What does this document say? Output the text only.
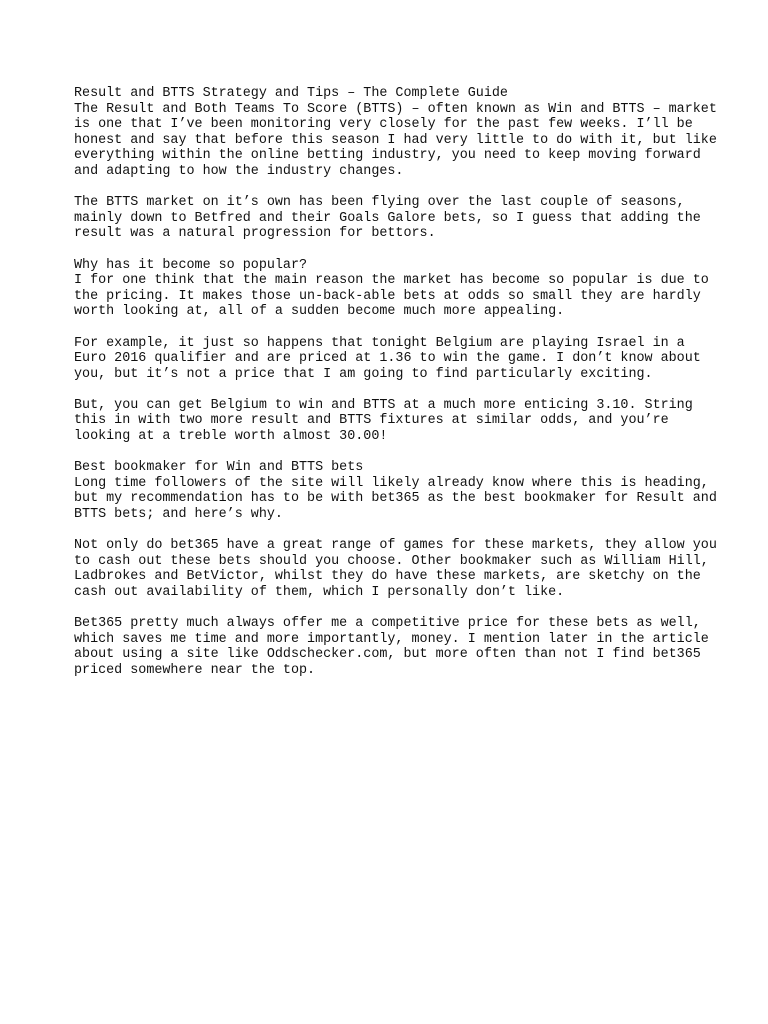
Result and BTTS Strategy and Tips – The Complete Guide
The Result and Both Teams To Score (BTTS) – often known as Win and BTTS – market
is one that I’ve been monitoring very closely for the past few weeks. I’ll be
honest and say that before this season I had very little to do with it, but like
everything within the online betting industry, you need to keep moving forward
and adapting to how the industry changes.
The BTTS market on it’s own has been flying over the last couple of seasons,
mainly down to Betfred and their Goals Galore bets, so I guess that adding the
result was a natural progression for bettors.
Why has it become so popular?
I for one think that the main reason the market has become so popular is due to
the pricing. It makes those un-back-able bets at odds so small they are hardly
worth looking at, all of a sudden become much more appealing.
For example, it just so happens that tonight Belgium are playing Israel in a
Euro 2016 qualifier and are priced at 1.36 to win the game. I don’t know about
you, but it’s not a price that I am going to find particularly exciting.
But, you can get Belgium to win and BTTS at a much more enticing 3.10. String
this in with two more result and BTTS fixtures at similar odds, and you’re
looking at a treble worth almost 30.00!
Best bookmaker for Win and BTTS bets
Long time followers of the site will likely already know where this is heading,
but my recommendation has to be with bet365 as the best bookmaker for Result and
BTTS bets; and here’s why.
Not only do bet365 have a great range of games for these markets, they allow you
to cash out these bets should you choose. Other bookmaker such as William Hill,
Ladbrokes and BetVictor, whilst they do have these markets, are sketchy on the
cash out availability of them, which I personally don’t like.
Bet365 pretty much always offer me a competitive price for these bets as well,
which saves me time and more importantly, money. I mention later in the article
about using a site like Oddschecker.com, but more often than not I find bet365
priced somewhere near the top.
